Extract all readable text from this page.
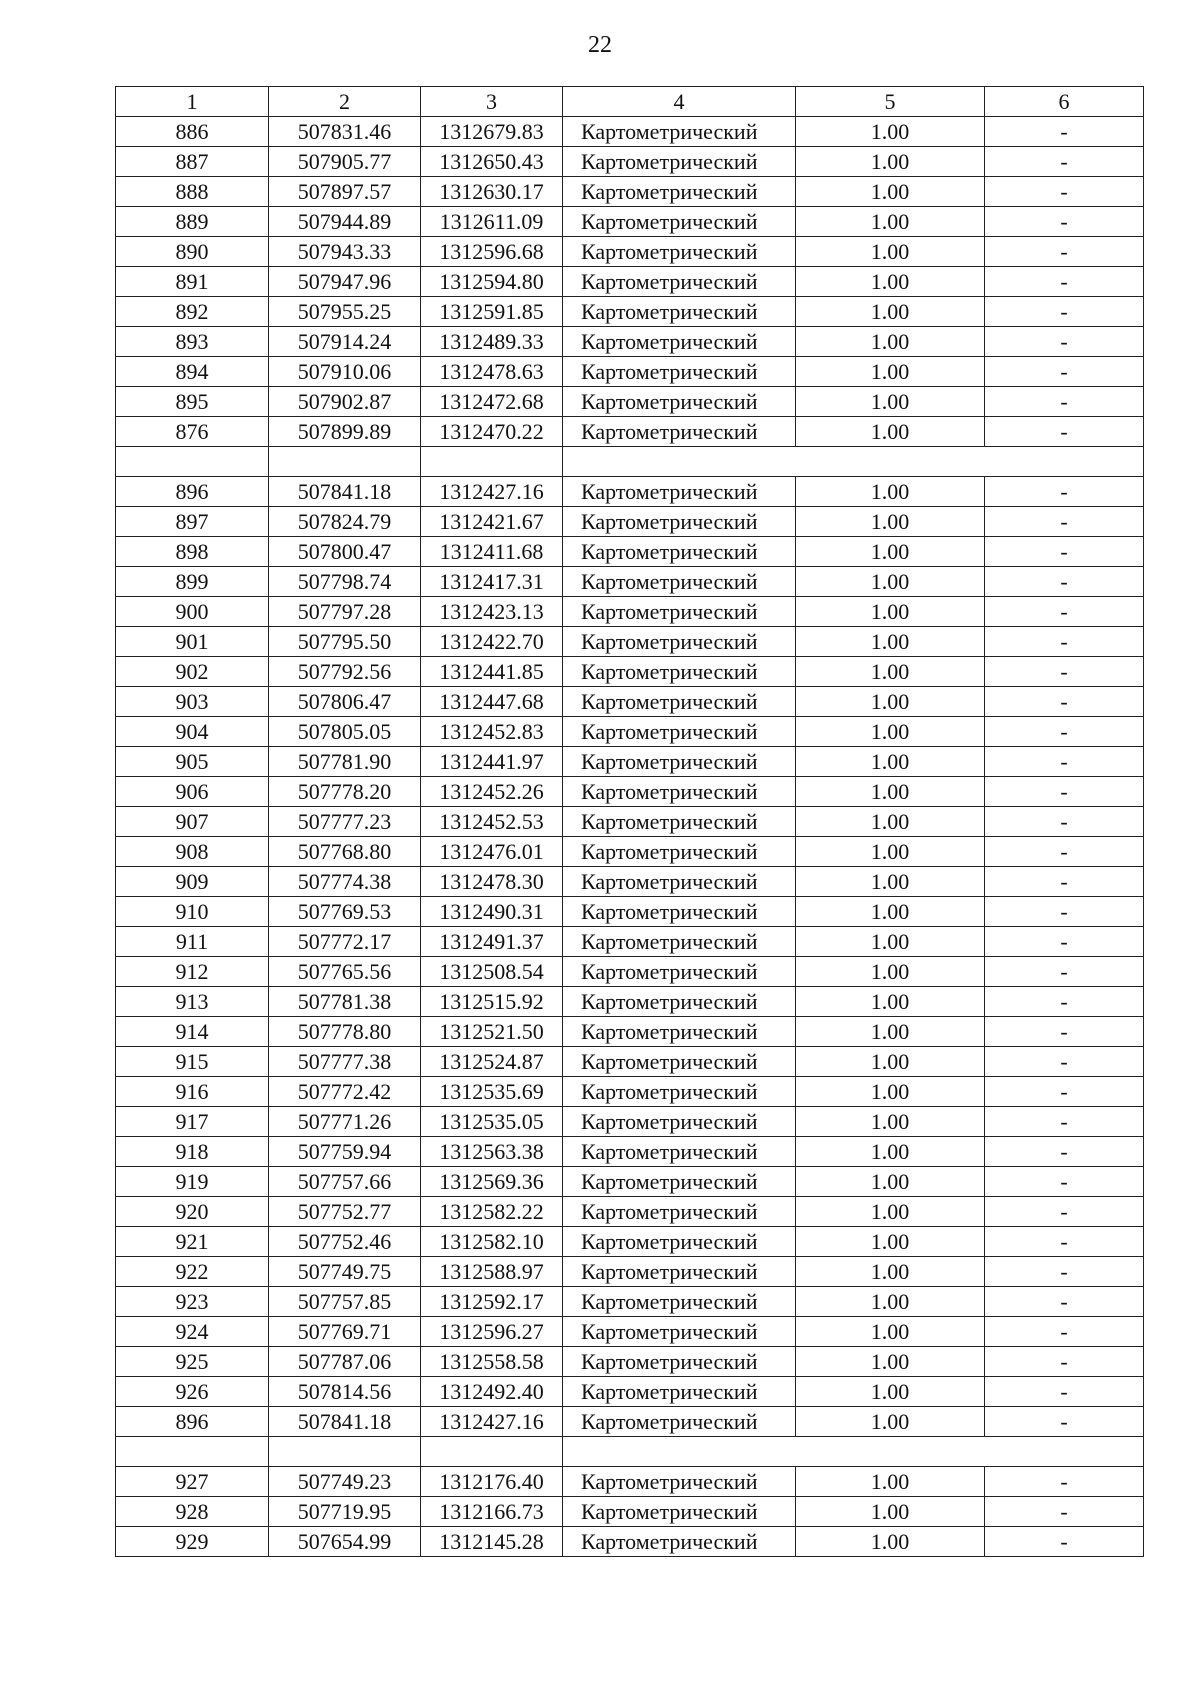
22
1	2	3	4	5	6
886	507831.46	1312679.83	Картометрический	1.00	-
887	507905.77	1312650.43	Картометрический	1.00	-
888	507897.57	1312630.17	Картометрический	1.00	-
889	507944.89	1312611.09	Картометрический	1.00	-
890	507943.33	1312596.68	Картометрический	1.00	-
891	507947.96	1312594.80	Картометрический	1.00	-
892	507955.25	1312591.85	Картометрический	1.00	-
893	507914.24	1312489.33	Картометрический	1.00	-
894	507910.06	1312478.63	Картометрический	1.00	-
895	507902.87	1312472.68	Картометрический	1.00	-
876	507899.89	1312470.22	Картометрический	1.00	-

896	507841.18	1312427.16	Картометрический	1.00	-
897	507824.79	1312421.67	Картометрический	1.00	-
898	507800.47	1312411.68	Картометрический	1.00	-
899	507798.74	1312417.31	Картометрический	1.00	-
900	507797.28	1312423.13	Картометрический	1.00	-
901	507795.50	1312422.70	Картометрический	1.00	-
902	507792.56	1312441.85	Картометрический	1.00	-
903	507806.47	1312447.68	Картометрический	1.00	-
904	507805.05	1312452.83	Картометрический	1.00	-
905	507781.90	1312441.97	Картометрический	1.00	-
906	507778.20	1312452.26	Картометрический	1.00	-
907	507777.23	1312452.53	Картометрический	1.00	-
908	507768.80	1312476.01	Картометрический	1.00	-
909	507774.38	1312478.30	Картометрический	1.00	-
910	507769.53	1312490.31	Картометрический	1.00	-
911	507772.17	1312491.37	Картометрический	1.00	-
912	507765.56	1312508.54	Картометрический	1.00	-
913	507781.38	1312515.92	Картометрический	1.00	-
914	507778.80	1312521.50	Картометрический	1.00	-
915	507777.38	1312524.87	Картометрический	1.00	-
916	507772.42	1312535.69	Картометрический	1.00	-
917	507771.26	1312535.05	Картометрический	1.00	-
918	507759.94	1312563.38	Картометрический	1.00	-
919	507757.66	1312569.36	Картометрический	1.00	-
920	507752.77	1312582.22	Картометрический	1.00	-
921	507752.46	1312582.10	Картометрический	1.00	-
922	507749.75	1312588.97	Картометрический	1.00	-
923	507757.85	1312592.17	Картометрический	1.00	-
924	507769.71	1312596.27	Картометрический	1.00	-
925	507787.06	1312558.58	Картометрический	1.00	-
926	507814.56	1312492.40	Картометрический	1.00	-
896	507841.18	1312427.16	Картометрический	1.00	-

927	507749.23	1312176.40	Картометрический	1.00	-
928	507719.95	1312166.73	Картометрический	1.00	-
929	507654.99	1312145.28	Картометрический	1.00	-
